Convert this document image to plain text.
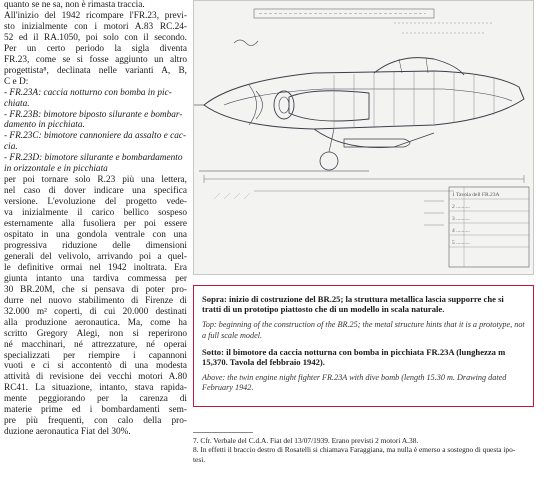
quanto se ne sa, non è rimasta traccia.
All'inizio del 1942 ricompare l'FR.23, previ-
sto inizialmente con i motori A.83 RC.24-
52 ed il RA.1050, poi solo con il secondo.
Per un certo periodo la sigla diventa
FR.23, come se si fosse aggiunto un altro
progettista⁸, declinata nelle varianti A, B,
C e D:
- FR.23A: caccia notturno con bomba in pic-
chiata.
- FR.23B: bimotore biposto silurante e bombar-
damento in picchiata.
- FR.23C: bimotore cannoniere da assalto e cac-
cia.
- FR.23D: bimotore silurante e bombardamento
in orizzontale e in picchiata
per poi tornare solo R.23 più una lettera,
nel caso di dover indicare una specifica
versione. L'evoluzione del progetto vede-
va inizialmente il carico bellico sospeso
esternamente alla fusoliera per poi essere
ospitato in una gondola ventrale con una
progressiva riduzione delle dimensioni
generali del velivolo, arrivando poi a quel-
le definitive ormai nel 1942 inoltrata. Era
giunta intanto una tardiva commessa per
30 BR.20M, che si pensava di poter pro-
durre nel nuovo stabilimento di Firenze di
32.000 m² coperti, di cui 20.000 destinati
alla produzione aeronautica. Ma, come ha
scritto Gregory Alegi, non si reperirono
né macchinari, né attrezzature, né operai
specializzati per riempire i capannoni
vuoti e ci si accontentò di una modesta
attività di revisione dei vecchi motori A.80
RC41. La situazione, intanto, stava rapida-
mente peggiorando per la carenza di
materie prime ed i bombardamenti sem-
pre più frequenti, con calo della pro-
duzione aeronautica Fiat del 30%.
1 Tavola dell FR.23A
2 ..........
3 ..........
4 ..........
5 ..........

Sopra: inizio di costruzione del BR.25; la struttura metallica lascia supporre che si tratti di un prototipo piattosto che di un modello in scala naturale.

Top: beginning of the construction of the BR.25; the metal structure hints that it is a prototype, not a full scale model.

Sotto: il bimotore da caccia notturna con bomba in picchiata FR.23A (lunghezza m 15,370. Tavola del febbraio 1942).

Above: the twin engine night fighter FR.23A with dive bomb (length 15.30 m. Drawing dated February 1942.

7. Cfr. Verbale del C.d.A. Fiat del 13/07/1939. Erano previsti 2 motori A.38.
8. In effetti il braccio destro di Rosatelli si chiamava Faraggiana, ma nulla è emerso a sostegno di questa ipo-
tesi.
